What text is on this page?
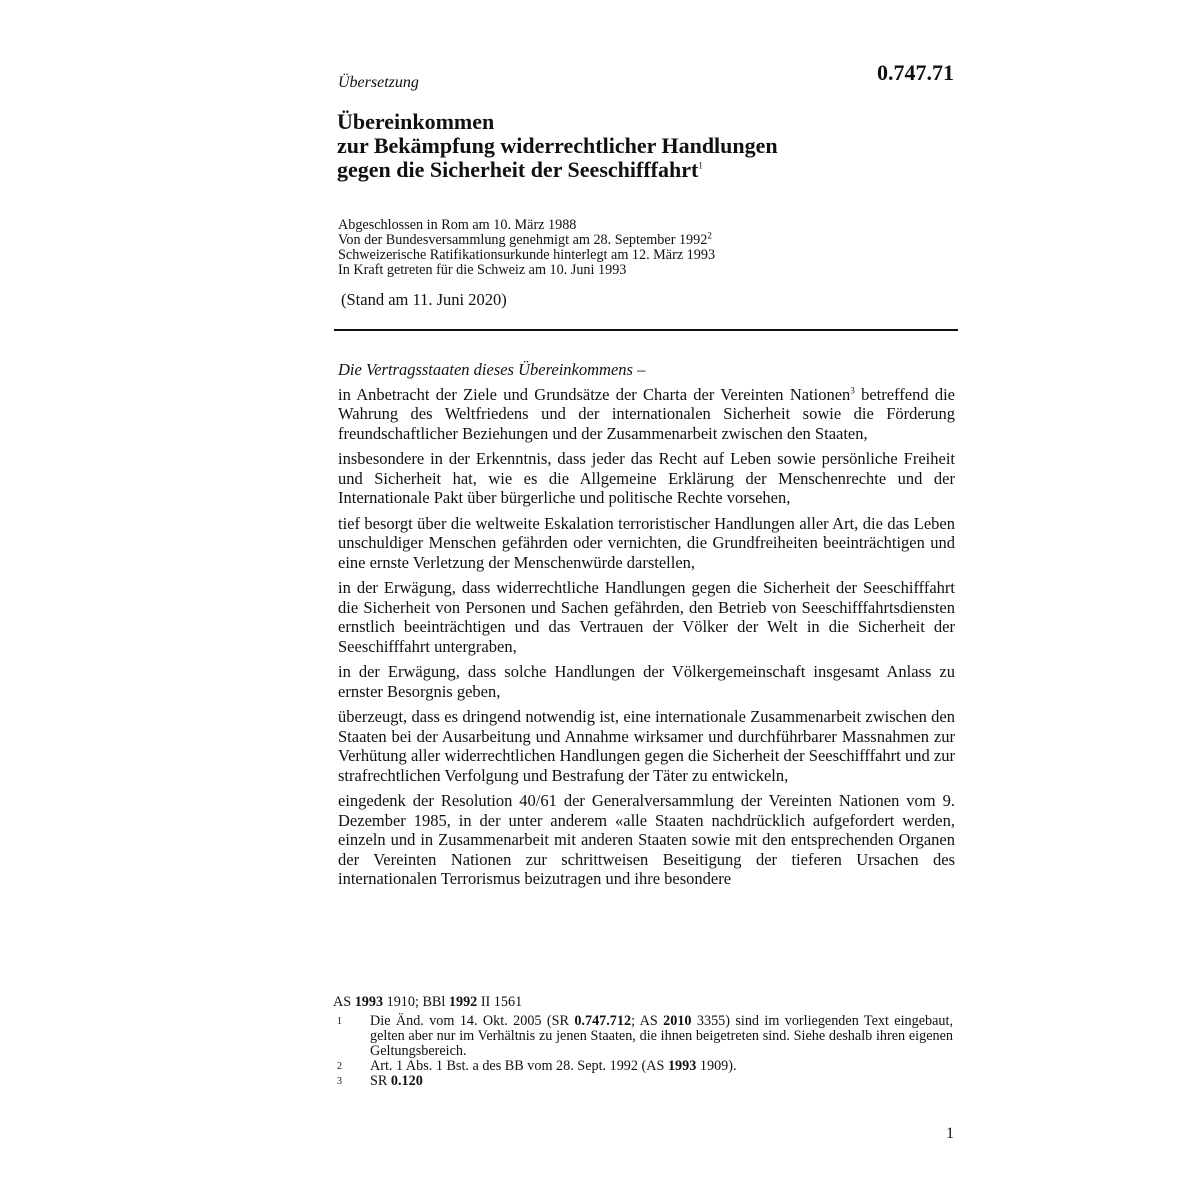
Übersetzung	0.747.71
Übereinkommen
zur Bekämpfung widerrechtlicher Handlungen
gegen die Sicherheit der Seeschifffahrt$^1$
Abgeschlossen in Rom am 10. März 1988
Von der Bundesversammlung genehmigt am 28. September 1992$^2$
Schweizerische Ratifikationsurkunde hinterlegt am 12. März 1993
In Kraft getreten für die Schweiz am 10. Juni 1993
(Stand am 11. Juni 2020)

Die Vertragsstaaten dieses Übereinkommens –

in Anbetracht der Ziele und Grundsätze der Charta der Vereinten Nationen$^3$ betreffend die Wahrung des Weltfriedens und der internationalen Sicherheit sowie die Förderung freundschaftlicher Beziehungen und der Zusammenarbeit zwischen den Staaten,

insbesondere in der Erkenntnis, dass jeder das Recht auf Leben sowie persönliche Freiheit und Sicherheit hat, wie es die Allgemeine Erklärung der Menschenrechte und der Internationale Pakt über bürgerliche und politische Rechte vorsehen,

tief besorgt über die weltweite Eskalation terroristischer Handlungen aller Art, die das Leben unschuldiger Menschen gefährden oder vernichten, die Grundfreiheiten beeinträchtigen und eine ernste Verletzung der Menschenwürde darstellen,

in der Erwägung, dass widerrechtliche Handlungen gegen die Sicherheit der Seeschifffahrt die Sicherheit von Personen und Sachen gefährden, den Betrieb von Seeschifffahrtsdiensten ernstlich beeinträchtigen und das Vertrauen der Völker der Welt in die Sicherheit der Seeschifffahrt untergraben,

in der Erwägung, dass solche Handlungen der Völkergemeinschaft insgesamt Anlass zu ernster Besorgnis geben,

überzeugt, dass es dringend notwendig ist, eine internationale Zusammenarbeit zwischen den Staaten bei der Ausarbeitung und Annahme wirksamer und durchführbarer Massnahmen zur Verhütung aller widerrechtlichen Handlungen gegen die Sicherheit der Seeschifffahrt und zur strafrechtlichen Verfolgung und Bestrafung der Täter zu entwickeln,

eingedenk der Resolution 40/61 der Generalversammlung der Vereinten Nationen vom 9. Dezember 1985, in der unter anderem «alle Staaten nachdrücklich aufgefordert werden, einzeln und in Zusammenarbeit mit anderen Staaten sowie mit den entsprechenden Organen der Vereinten Nationen zur schrittweisen Beseitigung der tieferen Ursachen des internationalen Terrorismus beizutragen und ihre besondere

AS 1993 1910; BBl 1992 II 1561
1	Die Änd. vom 14. Okt. 2005 (SR 0.747.712; AS 2010 3355) sind im vorliegenden Text eingebaut, gelten aber nur im Verhältnis zu jenen Staaten, die ihnen beigetreten sind. Siehe deshalb ihren eigenen Geltungsbereich.
2	Art. 1 Abs. 1 Bst. a des BB vom 28. Sept. 1992 (AS 1993 1909).
3	SR 0.120
1
